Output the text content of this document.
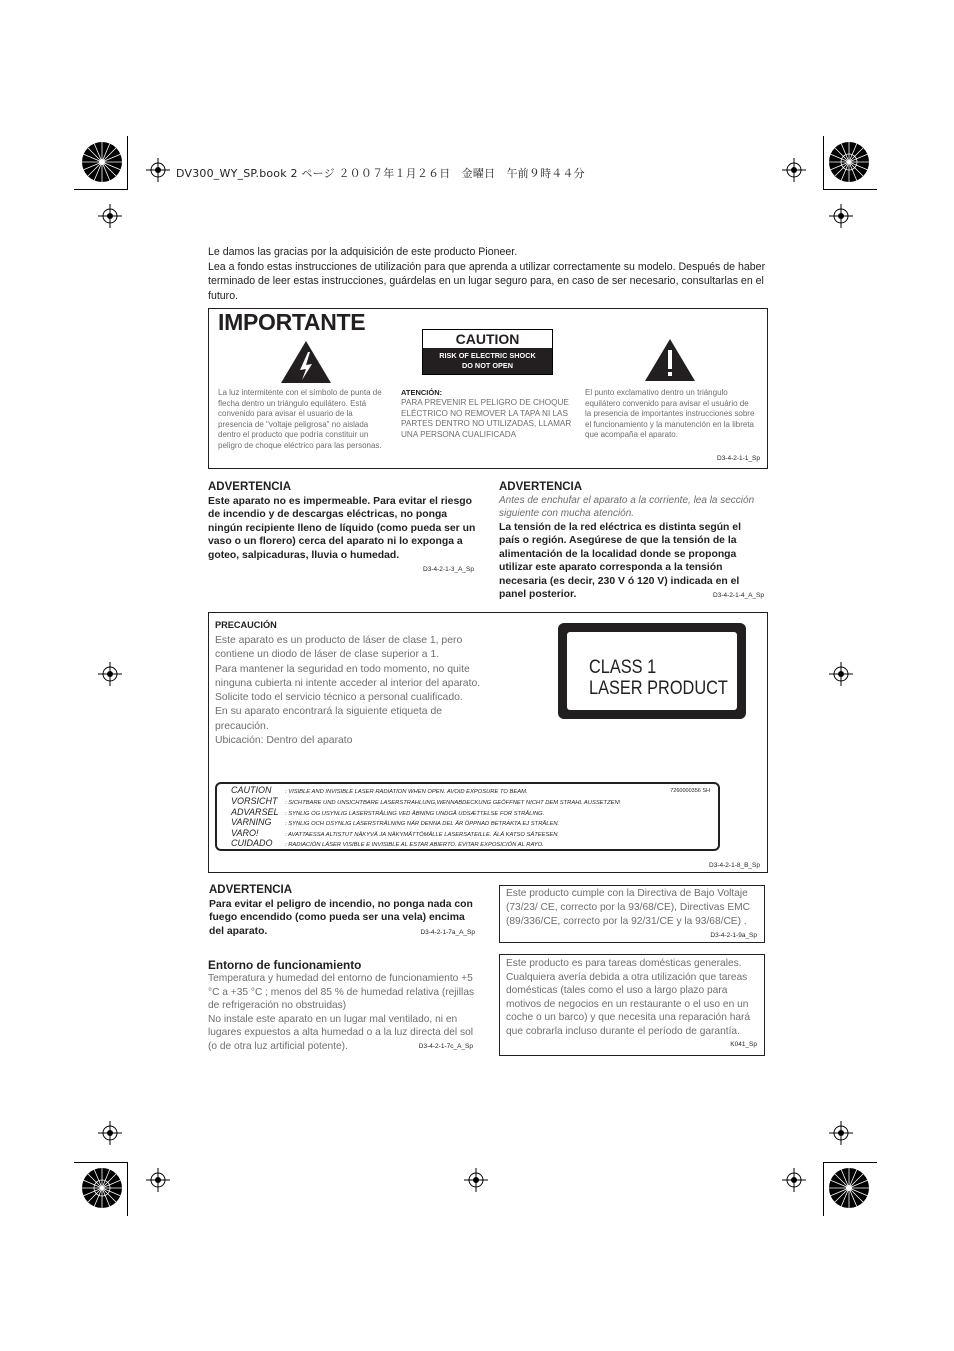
DV300_WY_SP.book 2 ページ ２００７年１月２６日　金曜日　午前９時４４分

Le damos las gracias por la adquisición de este producto Pioneer.

Lea a fondo estas instrucciones de utilización para que aprenda a utilizar correctamente su modelo. Después de haber terminado de leer estas instrucciones, guárdelas en un lugar seguro para, en caso de ser necesario, consultarlas en el futuro.

IMPORTANTE
CAUTION
RISK OF ELECTRIC SHOCK
DO NOT OPEN
La luz intermitente con el símbolo de punta de flecha dentro un triángulo equilátero. Está convenido para avisar el usuario de la presencia de "voltaje peligrosa" no aislada dentro el producto que podría constituir un peligro de choque eléctrico para las personas.
ATENCIÓN:
PARA PREVENIR EL PELIGRO DE CHOQUE ELÉCTRICO NO REMOVER LA TAPA NI LAS PARTES DENTRO NO UTILIZADAS, LLAMAR UNA PERSONA CUALIFICADA
El punto exclamativo dentro un triángulo equilátero convenido para avisar el usuário de la presencia de importantes instrucciones sobre el funcionamiento y la manutención en la libreta que acompaña el aparato.
D3-4-2-1-1_Sp
ADVERTENCIA
Este aparato no es impermeable. Para evitar el riesgo de incendio y de descargas eléctricas, no ponga ningún recipiente lleno de líquido (como pueda ser un vaso o un florero) cerca del aparato ni lo exponga a goteo, salpicaduras, lluvia o humedad.
D3-4-2-1-3_A_Sp
ADVERTENCIA
Antes de enchufar el aparato a la corriente, lea la sección siguiente con mucha atención.
La tensión de la red eléctrica es distinta según el país o región. Asegúrese de que la tensión de la alimentación de la localidad donde se proponga utilizar este aparato corresponda a la tensión necesaria (es decir, 230 V ó 120 V) indicada en el panel posterior.	D3-4-2-1-4_A_Sp
PRECAUCIÓN

Este aparato es un producto de láser de clase 1, pero contiene un diodo de láser de clase superior a 1.

Para mantener la seguridad en todo momento, no quite ninguna cubierta ni intente acceder al interior del aparato.

Solicite todo el servicio técnico a personal cualificado.

En su aparato encontrará la siguiente etiqueta de precaución.

Ubicación: Dentro del aparato

CLASS 1
LASER PRODUCT
7260000356 SH
CAUTION : VISIBLE AND INVISIBLE LASER RADIATION WHEN OPEN. AVOID EXPOSURE TO BEAM.
VORSICHT : SICHTBARE UND UNSICHTBARE LASERSTRAHLUNG,WENNABDECKUNG GEÖFFNET NICHT DEM STRAHL AUSSETZEN!
ADVARSEL : SYNLIG OG USYNLIG LASERSTRÅLING VED ÅBNING UNDGÅ UDSÆTTELSE FOR STRÅLING.
VARNING : SYNLIG OCH OSYNLIG LASERSTRÅLNING NÄR DENNA DEL ÄR ÖPPNAD BETRAKTA EJ STRÅLEN.
VARO!	: AVATTAESSA ALTISTUT NÄKYVÄ JA NÄKYMÄTTÖMÄLLE LASERSATEILLE. ÄLÄ KATSO SÄTEESEN.
CUIDADO : RADIACIÓN LÁSER VISIBLE E INVISIBLE AL ESTAR ABIERTO. EVITAR EXPOSICIÓN AL RAYO.
D3-4-2-1-8_B_Sp
ADVERTENCIA
Para evitar el peligro de incendio, no ponga nada con fuego encendido (como pueda ser una vela) encima del aparato.	D3-4-2-1-7a_A_Sp
Entorno de funcionamiento

Temperatura y humedad del entorno de funcionamiento +5 °C a +35 °C ; menos del 85 % de humedad relativa (rejillas de refrigeración no obstruidas)

No instale este aparato en un lugar mal ventilado, ni en lugares expuestos a alta humedad o a la luz directa del sol (o de otra luz artificial potente).	D3-4-2-1-7c_A_Sp
Este producto cumple con la Directiva de Bajo Voltaje (73/23/ CE, correcto por la 93/68/CE), Directivas EMC (89/336/CE, correcto por la 92/31/CE y la 93/68/CE) .
D3-4-2-1-9a_Sp
Este producto es para tareas domésticas generales. Cualquiera avería debida a otra utilización que tareas domésticas (tales como el uso a largo plazo para motivos de negocios en un restaurante o el uso en un coche o un barco) y que necesita una reparación hará que cobrarla incluso durante el período de garantía.
K041_Sp
